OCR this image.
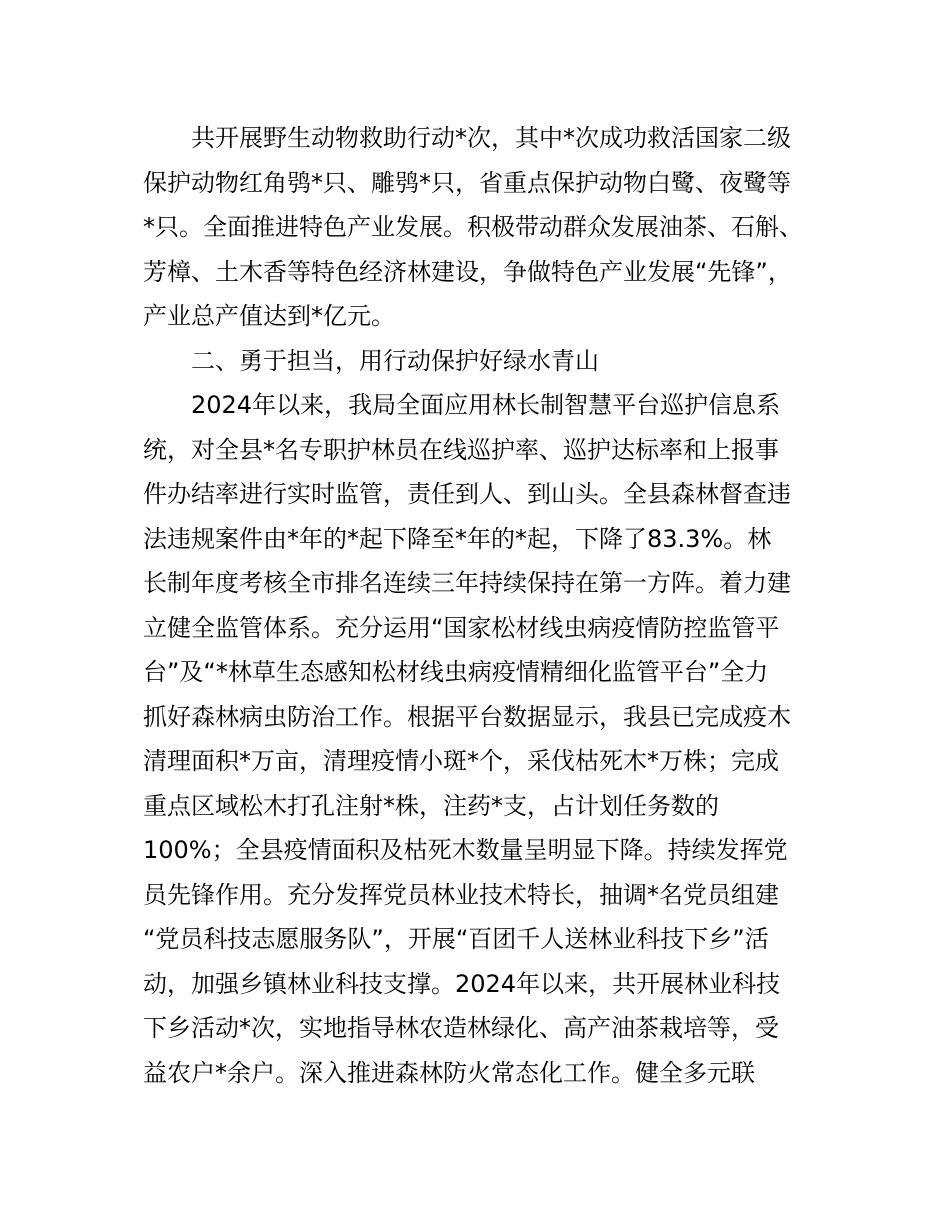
共开展野生动物救助行动*次，其中*次成功救活国家二级
保护动物红角鸮*只、雕鸮*只，省重点保护动物白鹭、夜鹭等
*只。全面推进特色产业发展。积极带动群众发展油茶、石斛、
芳樟、土木香等特色经济林建设，争做特色产业发展“先锋”，
产业总产值达到*亿元。
二、勇于担当，用行动保护好绿水青山
2024年以来，我局全面应用林长制智慧平台巡护信息系
统，对全县*名专职护林员在线巡护率、巡护达标率和上报事
件办结率进行实时监管，责任到人、到山头。全县森林督查违
法违规案件由*年的*起下降至*年的*起，下降了83.3%。林
长制年度考核全市排名连续三年持续保持在第一方阵。着力建
立健全监管体系。充分运用“国家松材线虫病疫情防控监管平
台”及“*林草生态感知松材线虫病疫情精细化监管平台”全力
抓好森林病虫防治工作。根据平台数据显示，我县已完成疫木
清理面积*万亩，清理疫情小斑*个，采伐枯死木*万株；完成
重点区域松木打孔注射*株，注药*支，占计划任务数的
100%；全县疫情面积及枯死木数量呈明显下降。持续发挥党
员先锋作用。充分发挥党员林业技术特长，抽调*名党员组建
“党员科技志愿服务队”，开展“百团千人送林业科技下乡”活
动，加强乡镇林业科技支撑。2024年以来，共开展林业科技
下乡活动*次，实地指导林农造林绿化、高产油茶栽培等，受
益农户*余户。深入推进森林防火常态化工作。健全多元联
